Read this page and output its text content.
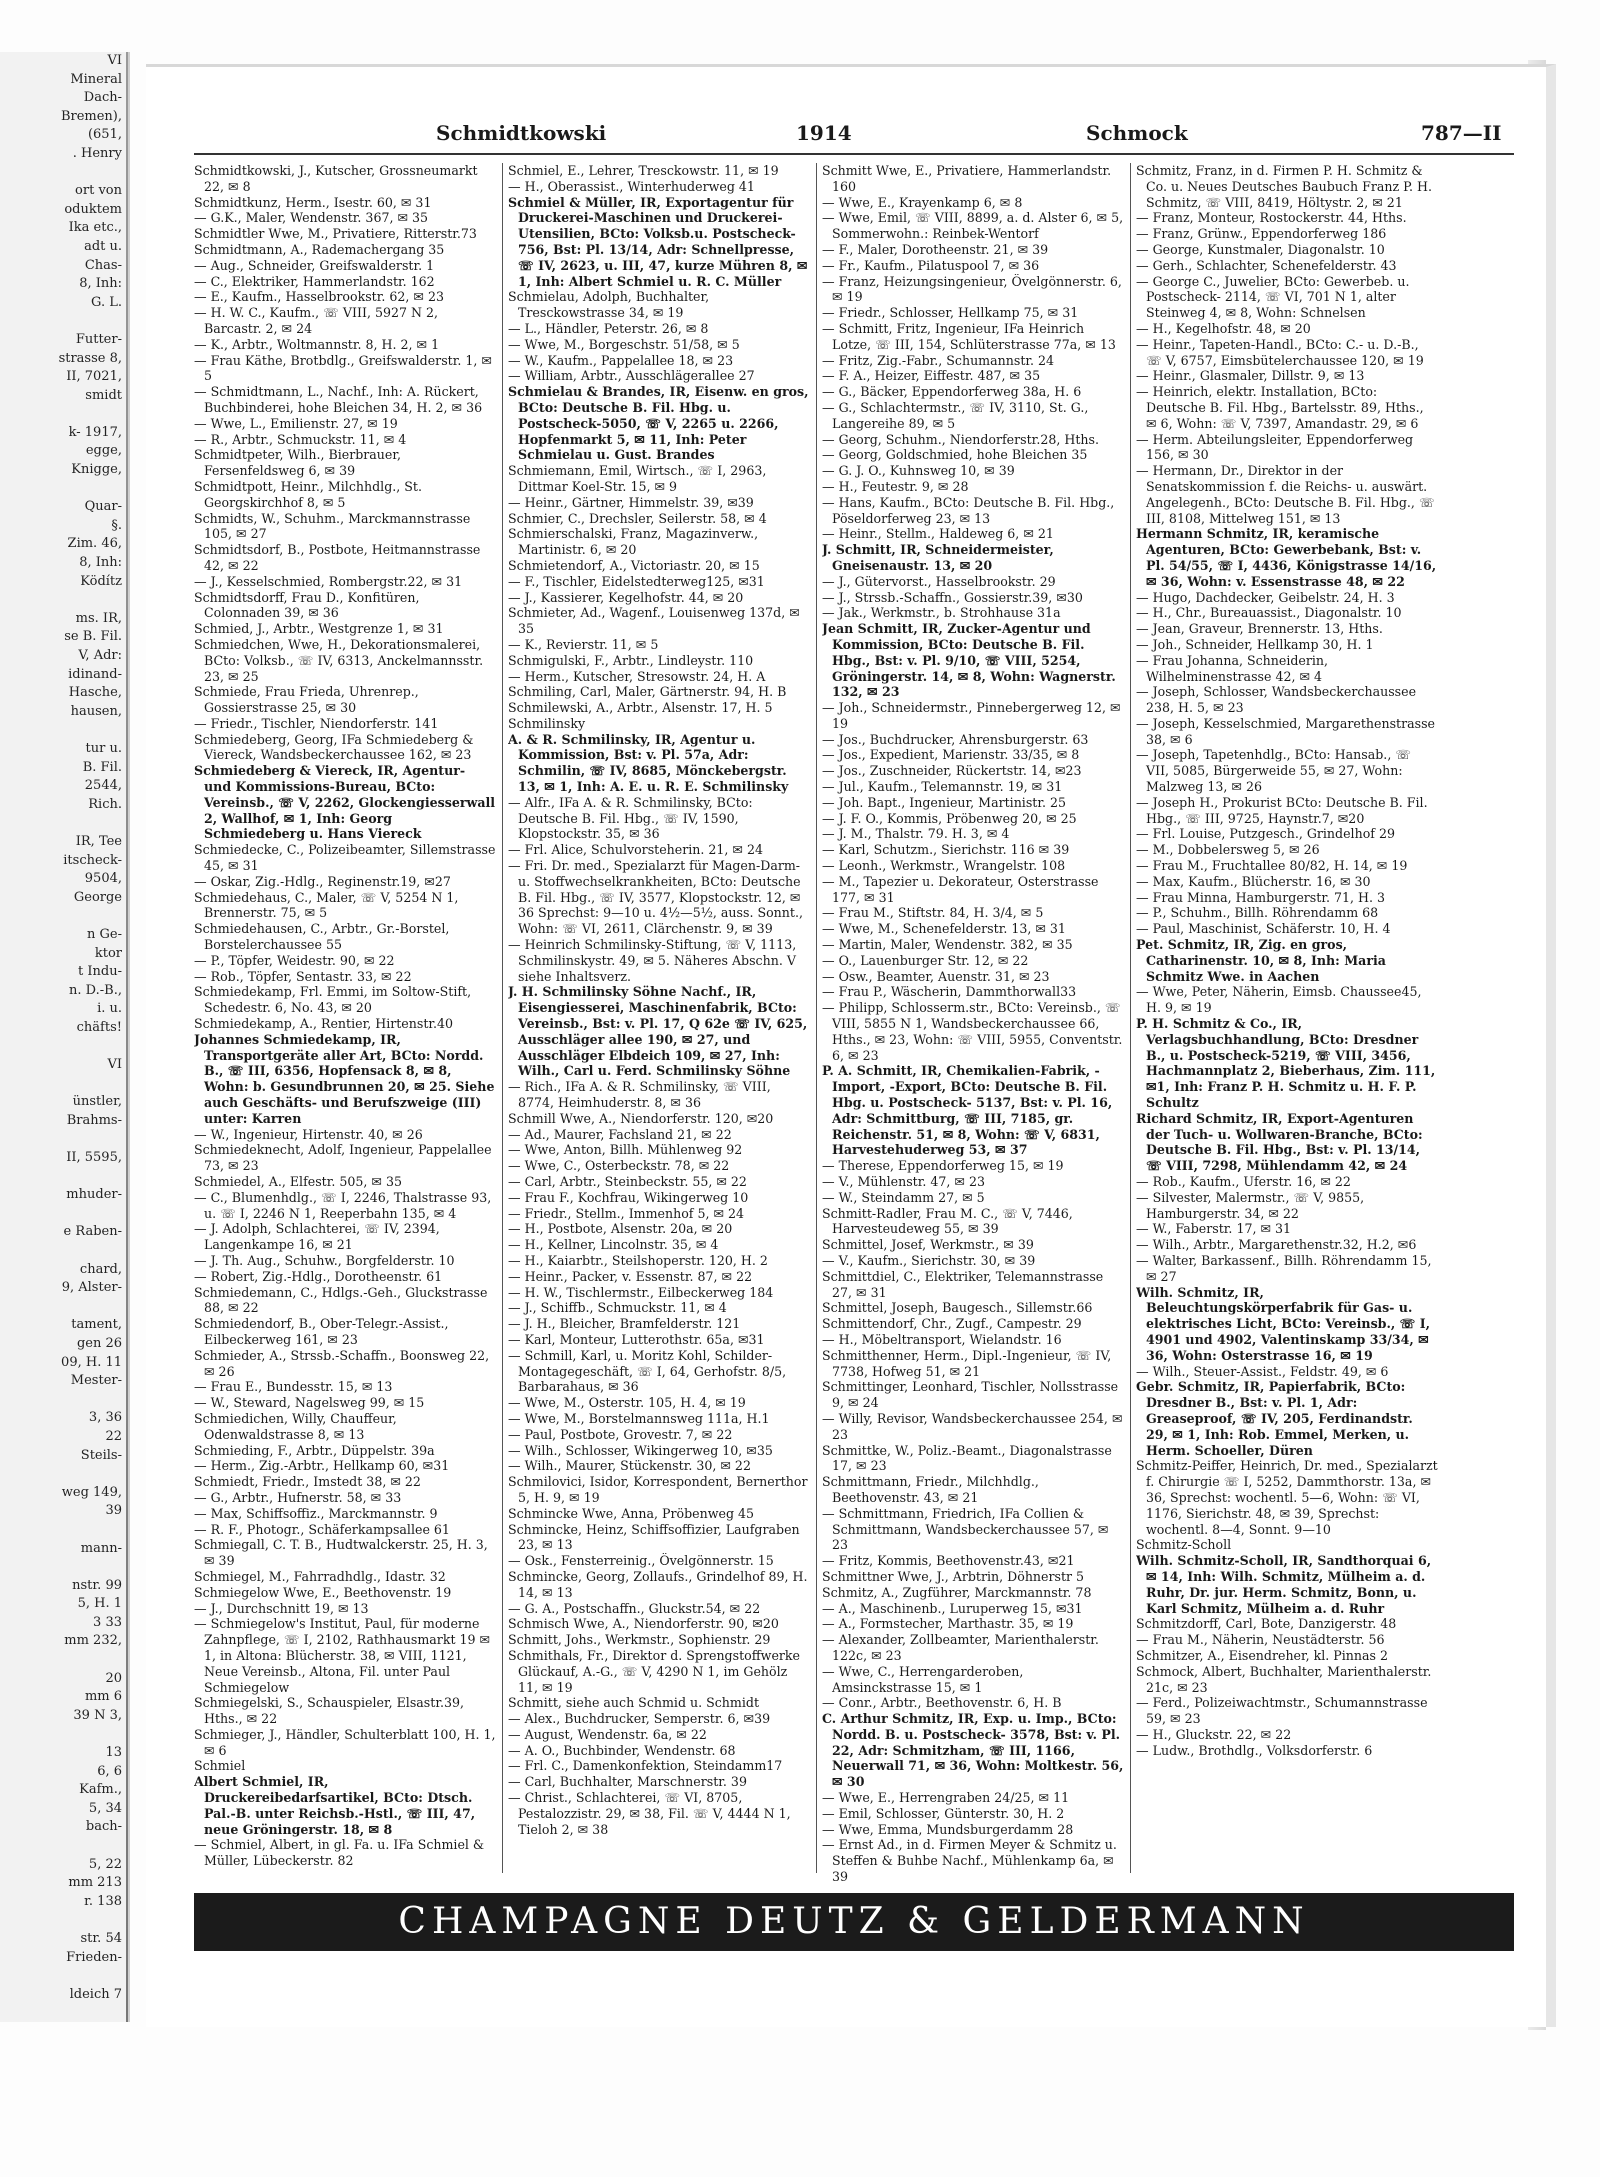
VI
Mineral
Dach-
Bremen),
(651,
. Henry

ort von
oduktem
Ika etc.,
adt u.
Chas-
8, Inh:
G. L.

Futter-
strasse 8,
II, 7021,
smidt

k- 1917,
egge,
Knigge,

Quar-
§.
Zim. 46,
8, Inh:
Ködítz

ms. IR,
se B. Fil.
V, Adr:
idinand-
Hasche,
hausen,

tur u.
B. Fil.
2544,
Rich.

IR, Tee
itscheck-
9504,
George

n Ge-
ktor
t Indu-
n. D.-B.,
i. u.
chäfts!

VI

ünstler,
Brahms-

II, 5595,

mhuder-

e Raben-

chard,
9, Alster-

tament,
gen 26
09, H. 11
Mester-

3, 36
22
Steils-

weg 149,
39

mann-

nstr. 99
5, H. 1
3 33
mm 232,

20
mm 6
39 N 3,

13
6, 6
Kafm.,
5, 34
bach-

5, 22
mm 213
r. 138

str. 54
Frieden-

ldeich 7
Schmidtkowski	1914	Schmock	787—II
Schmidtkowski, J., Kutscher, Grossneumarkt 22, ✉ 8
Schmidtkunz, Herm., Isestr. 60, ✉ 31
— G.K., Maler, Wendenstr. 367, ✉ 35
Schmidtler Wwe, M., Privatiere, Ritterstr.73
Schmidtmann, A., Rademachergang 35
— Aug., Schneider, Greifswalderstr. 1
— C., Elektriker, Hammerlandstr. 162
— E., Kaufm., Hasselbrookstr. 62, ✉ 23
— H. W. C., Kaufm., ☏ VIII, 5927 N 2, Barcastr. 2, ✉ 24
— K., Arbtr., Woltmannstr. 8, H. 2, ✉ 1
— Frau Käthe, Brotbdlg., Greifswalderstr. 1, ✉ 5
— Schmidtmann, L., Nachf., Inh: A. Rückert, Buchbinderei, hohe Bleichen 34, H. 2, ✉ 36
— Wwe, L., Emilienstr. 27, ✉ 19
— R., Arbtr., Schmuckstr. 11, ✉ 4
Schmidtpeter, Wilh., Bierbrauer, Fersenfeldsweg 6, ✉ 39
Schmidtpott, Heinr., Milchhdlg., St. Georgskirchhof 8, ✉ 5
Schmidts, W., Schuhm., Marckmannstrasse 105, ✉ 27
Schmidtsdorf, B., Postbote, Heitmannstrasse 42, ✉ 22
— J., Kesselschmied, Rombergstr.22, ✉ 31
Schmidtsdorff, Frau D., Konfitüren, Colonnaden 39, ✉ 36
Schmied, J., Arbtr., Westgrenze 1, ✉ 31
Schmiedchen, Wwe, H., Dekorationsmalerei, BCto: Volksb., ☏ IV, 6313, Anckelmannsstr. 23, ✉ 25
Schmiede, Frau Frieda, Uhrenrep., Gossierstrasse 25, ✉ 30
— Friedr., Tischler, Niendorferstr. 141
Schmiedeberg, Georg, IFa Schmiedeberg & Viereck, Wandsbeckerchaussee 162, ✉ 23
Schmiedeberg & Viereck, IR, Agentur- und Kommissions-Bureau, BCto: Vereinsb., ☏ V, 2262, Glockengiesserwall 2, Wallhof, ✉ 1, Inh: Georg Schmiedeberg u. Hans Viereck
Schmiedecke, C., Polizeibeamter, Sillemstrasse 45, ✉ 31
— Oskar, Zig.-Hdlg., Reginenstr.19, ✉27
Schmiedehaus, C., Maler, ☏ V, 5254 N 1, Brennerstr. 75, ✉ 5
Schmiedehausen, C., Arbtr., Gr.-Borstel, Borstelerchaussee 55
— P., Töpfer, Weidestr. 90, ✉ 22
— Rob., Töpfer, Sentastr. 33, ✉ 22
Schmiedekamp, Frl. Emmi, im Soltow-Stift, Schedestr. 6, No. 43, ✉ 20
Schmiedekamp, A., Rentier, Hirtenstr.40
Johannes Schmiedekamp, IR, Transportgeräte aller Art, BCto: Nordd. B., ☏ III, 6356, Hopfensack 8, ✉ 8, Wohn: b. Gesundbrunnen 20, ✉ 25. Siehe auch Geschäfts- und Berufszweige (III) unter: Karren
— W., Ingenieur, Hirtenstr. 40, ✉ 26
Schmiedeknecht, Adolf, Ingenieur, Pappelallee 73, ✉ 23
Schmiedel, A., Elfestr. 505, ✉ 35
— C., Blumenhdlg., ☏ I, 2246, Thalstrasse 93, u. ☏ I, 2246 N 1, Reeperbahn 135, ✉ 4
— J. Adolph, Schlachterei, ☏ IV, 2394, Langenkampe 16, ✉ 21
— J. Th. Aug., Schuhw., Borgfelderstr. 10
— Robert, Zig.-Hdlg., Dorotheenstr. 61
Schmiedemann, C., Hdlgs.-Geh., Gluckstrasse 88, ✉ 22
Schmiedendorf, B., Ober-Telegr.-Assist., Eilbeckerweg 161, ✉ 23
Schmieder, A., Strssb.-Schaffn., Boonsweg 22, ✉ 26
— Frau E., Bundesstr. 15, ✉ 13
— W., Steward, Nagelsweg 99, ✉ 15
Schmiedichen, Willy, Chauffeur, Odenwaldstrasse 8, ✉ 13
Schmieding, F., Arbtr., Düppelstr. 39a
— Herm., Zig.-Arbtr., Hellkamp 60, ✉31
Schmiedt, Friedr., Imstedt 38, ✉ 22
— G., Arbtr., Hufnerstr. 58, ✉ 33
— Max, Schiffsoffiz., Marckmannstr. 9
— R. F., Photogr., Schäferkampsallee 61
Schmiegall, C. T. B., Hudtwalckerstr. 25, H. 3, ✉ 39
Schmiegel, M., Fahrradhdlg., Idastr. 32
Schmiegelow Wwe, E., Beethovenstr. 19
— J., Durchschnitt 19, ✉ 13
— Schmiegelow's Institut, Paul, für moderne Zahnpflege, ☏ I, 2102, Rathhausmarkt 19 ✉ 1, in Altona: Blücherstr. 38, ✉ VIII, 1121, Neue Vereinsb., Altona, Fil. unter Paul Schmiegelow
Schmiegelski, S., Schauspieler, Elsastr.39, Hths., ✉ 22
Schmieger, J., Händler, Schulterblatt 100, H. 1, ✉ 6
Schmiel
Albert Schmiel, IR, Druckereibedarfsartikel, BCto: Dtsch. Pal.-B. unter Reichsb.-Hstl., ☏ III, 47, neue Gröningerstr. 18, ✉ 8
— Schmiel, Albert, in gl. Fa. u. IFa Schmiel & Müller, Lübeckerstr. 82
Schmiel, E., Lehrer, Tresckowstr. 11, ✉ 19
— H., Oberassist., Winterhuderweg 41
Schmiel & Müller, IR, Exportagentur für Druckerei-Maschinen und Druckerei-Utensilien, BCto: Volksb.u. Postscheck- 756, Bst: Pl. 13/14, Adr: Schnellpresse, ☏ IV, 2623, u. III, 47, kurze Mühren 8, ✉ 1, Inh: Albert Schmiel u. R. C. Müller
Schmielau, Adolph, Buchhalter, Tresckowstrasse 34, ✉ 19
— L., Händler, Peterstr. 26, ✉ 8
— Wwe, M., Borgeschstr. 51/58, ✉ 5
— W., Kaufm., Pappelallee 18, ✉ 23
— William, Arbtr., Ausschlägerallee 27
Schmielau & Brandes, IR, Eisenw. en gros, BCto: Deutsche B. Fil. Hbg. u. Postscheck-5050, ☏ V, 2265 u. 2266, Hopfenmarkt 5, ✉ 11, Inh: Peter Schmielau u. Gust. Brandes
Schmiemann, Emil, Wirtsch., ☏ I, 2963, Dittmar Koel-Str. 15, ✉ 9
— Heinr., Gärtner, Himmelstr. 39, ✉39
Schmier, C., Drechsler, Seilerstr. 58, ✉ 4
Schmierschalski, Franz, Magazinverw., Martinistr. 6, ✉ 20
Schmietendorf, A., Victoriastr. 20, ✉ 15
— F., Tischler, Eidelstedterweg125, ✉31
— J., Kassierer, Kegelhofstr. 44, ✉ 20
Schmieter, Ad., Wagenf., Louisenweg 137d, ✉ 35
— K., Revierstr. 11, ✉ 5
Schmigulski, F., Arbtr., Lindleystr. 110
— Herm., Kutscher, Stresowstr. 24, H. A
Schmiling, Carl, Maler, Gärtnerstr. 94, H. B
Schmilewski, A., Arbtr., Alsenstr. 17, H. 5
Schmilinsky
A. & R. Schmilinsky, IR, Agentur u. Kommission, Bst: v. Pl. 57a, Adr: Schmilin, ☏ IV, 8685, Mönckebergstr. 13, ✉ 1, Inh: A. E. u. R. E. Schmilinsky
— Alfr., IFa A. & R. Schmilinsky, BCto: Deutsche B. Fil. Hbg., ☏ IV, 1590, Klopstockstr. 35, ✉ 36
— Frl. Alice, Schulvorsteherin. 21, ✉ 24
— Fri. Dr. med., Spezialarzt für Magen-Darm- u. Stoffwechselkrankheiten, BCto: Deutsche B. Fil. Hbg., ☏ IV, 3577, Klopstockstr. 12, ✉ 36 Sprechst: 9—10 u. 4½—5½, auss. Sonnt., Wohn: ☏ VI, 2611, Clärchenstr. 9, ✉ 39
— Heinrich Schmilinsky-Stiftung, ☏ V, 1113, Schmilinskystr. 49, ✉ 5. Näheres Abschn. V siehe Inhaltsverz.
J. H. Schmilinsky Söhne Nachf., IR, Eisengiesserei, Maschinenfabrik, BCto: Vereinsb., Bst: v. Pl. 17, Q 62e ☏ IV, 625, Ausschläger allee 190, ✉ 27, und Ausschläger Elbdeich 109, ✉ 27, Inh: Wilh., Carl u. Ferd. Schmilinsky Söhne
— Rich., IFa A. & R. Schmilinsky, ☏ VIII, 8774, Heimhuderstr. 8, ✉ 36
Schmill Wwe, A., Niendorferstr. 120, ✉20
— Ad., Maurer, Fachsland 21, ✉ 22
— Wwe, Anton, Billh. Mühlenweg 92
— Wwe, C., Osterbeckstr. 78, ✉ 22
— Carl, Arbtr., Steinbeckstr. 55, ✉ 22
— Frau F., Kochfrau, Wikingerweg 10
— Friedr., Stellm., Immenhof 5, ✉ 24
— H., Postbote, Alsenstr. 20a, ✉ 20
— H., Kellner, Lincolnstr. 35, ✉ 4
— H., Kaiarbtr., Steilshoperstr. 120, H. 2
— Heinr., Packer, v. Essenstr. 87, ✉ 22
— H. W., Tischlermstr., Eilbeckerweg 184
— J., Schiffb., Schmuckstr. 11, ✉ 4
— J. H., Bleicher, Bramfelderstr. 121
— Karl, Monteur, Lutterothstr. 65a, ✉31
— Schmill, Karl, u. Moritz Kohl, Schilder-Montagegeschäft, ☏ I, 64, Gerhofstr. 8/5, Barbarahaus, ✉ 36
— Wwe, M., Osterstr. 105, H. 4, ✉ 19
— Wwe, M., Borstelmannsweg 111a, H.1
— Paul, Postbote, Grovestr. 7, ✉ 22
— Wilh., Schlosser, Wikingerweg 10, ✉35
— Wilh., Maurer, Stückenstr. 30, ✉ 22
Schmilovici, Isidor, Korrespondent, Bernerthor 5, H. 9, ✉ 19
Schmincke Wwe, Anna, Pröbenweg 45
Schmincke, Heinz, Schiffsoffizier, Laufgraben 23, ✉ 13
— Osk., Fensterreinig., Övelgönnerstr. 15
Schmincke, Georg, Zollaufs., Grindelhof 89, H. 14, ✉ 13
— G. A., Postschaffn., Gluckstr.54, ✉ 22
Schmisch Wwe, A., Niendorferstr. 90, ✉20
Schmitt, Johs., Werkmstr., Sophienstr. 29
Schmithals, Fr., Direktor d. Sprengstoffwerke Glückauf, A.-G., ☏ V, 4290 N 1, im Gehölz 11, ✉ 19
Schmitt, siehe auch Schmid u. Schmidt
— Alex., Buchdrucker, Semperstr. 6, ✉39
— August, Wendenstr. 6a, ✉ 22
— A. O., Buchbinder, Wendenstr. 68
— Frl. C., Damenkonfektion, Steindamm17
— Carl, Buchhalter, Marschnerstr. 39
— Christ., Schlachterei, ☏ VI, 8705, Pestalozzistr. 29, ✉ 38, Fil. ☏ V, 4444 N 1, Tieloh 2, ✉ 38
Schmitt Wwe, E., Privatiere, Hammerlandstr. 160
— Wwe, E., Krayenkamp 6, ✉ 8
— Wwe, Emil, ☏ VIII, 8899, a. d. Alster 6, ✉ 5, Sommerwohn.: Reinbek-Wentorf
— F., Maler, Dorotheenstr. 21, ✉ 39
— Fr., Kaufm., Pilatuspool 7, ✉ 36
— Franz, Heizungsingenieur, Övelgönnerstr. 6, ✉ 19
— Friedr., Schlosser, Hellkamp 75, ✉ 31
— Schmitt, Fritz, Ingenieur, IFa Heinrich Lotze, ☏ III, 154, Schlüterstrasse 77a, ✉ 13
— Fritz, Zig.-Fabr., Schumannstr. 24
— F. A., Heizer, Eiffestr. 487, ✉ 35
— G., Bäcker, Eppendorferweg 38a, H. 6
— G., Schlachtermstr., ☏ IV, 3110, St. G., Langereihe 89, ✉ 5
— Georg, Schuhm., Niendorferstr.28, Hths.
— Georg, Goldschmied, hohe Bleichen 35
— G. J. O., Kuhnsweg 10, ✉ 39
— H., Feutestr. 9, ✉ 28
— Hans, Kaufm., BCto: Deutsche B. Fil. Hbg., Pöseldorferweg 23, ✉ 13
— Heinr., Stellm., Haldeweg 6, ✉ 21
J. Schmitt, IR, Schneidermeister, Gneisenaustr. 13, ✉ 20
— J., Gütervorst., Hasselbrookstr. 29
— J., Strssb.-Schaffn., Gossierstr.39, ✉30
— Jak., Werkmstr., b. Strohhause 31a
Jean Schmitt, IR, Zucker-Agentur und Kommission, BCto: Deutsche B. Fil. Hbg., Bst: v. Pl. 9/10, ☏ VIII, 5254, Gröningerstr. 14, ✉ 8, Wohn: Wagnerstr. 132, ✉ 23
— Joh., Schneidermstr., Pinnebergerweg 12, ✉ 19
— Jos., Buchdrucker, Ahrensburgerstr. 63
— Jos., Expedient, Marienstr. 33/35, ✉ 8
— Jos., Zuschneider, Rückertstr. 14, ✉23
— Jul., Kaufm., Telemannstr. 19, ✉ 31
— Joh. Bapt., Ingenieur, Martinistr. 25
— J. F. O., Kommis, Pröbenweg 20, ✉ 25
— J. M., Thalstr. 79. H. 3, ✉ 4
— Karl, Schutzm., Sierichstr. 116 ✉ 39
— Leonh., Werkmstr., Wrangelstr. 108
— M., Tapezier u. Dekorateur, Osterstrasse 177, ✉ 31
— Frau M., Stiftstr. 84, H. 3/4, ✉ 5
— Wwe, M., Schenefelderstr. 13, ✉ 31
— Martin, Maler, Wendenstr. 382, ✉ 35
— O., Lauenburger Str. 12, ✉ 22
— Osw., Beamter, Auenstr. 31, ✉ 23
— Frau P., Wäscherin, Dammthorwall33
— Philipp, Schlosserm.str., BCto: Vereinsb., ☏ VIII, 5855 N 1, Wandsbeckerchaussee 66, Hths., ✉ 23, Wohn: ☏ VIII, 5955, Conventstr. 6, ✉ 23
P. A. Schmitt, IR, Chemikalien-Fabrik, -Import, -Export, BCto: Deutsche B. Fil. Hbg. u. Postscheck- 5137, Bst: v. Pl. 16, Adr: Schmittburg, ☏ III, 7185, gr. Reichenstr. 51, ✉ 8, Wohn: ☏ V, 6831, Harvestehuderweg 53, ✉ 37
— Therese, Eppendorferweg 15, ✉ 19
— V., Mühlenstr. 47, ✉ 23
— W., Steindamm 27, ✉ 5
Schmitt-Radler, Frau M. C., ☏ V, 7446, Harvesteudeweg 55, ✉ 39
Schmittel, Josef, Werkmstr., ✉ 39
— V., Kaufm., Sierichstr. 30, ✉ 39
Schmittdiel, C., Elektriker, Telemannstrasse 27, ✉ 31
Schmittel, Joseph, Baugesch., Sillemstr.66
Schmittendorf, Chr., Zugf., Campestr. 29
— H., Möbeltransport, Wielandstr. 16
Schmitthenner, Herm., Dipl.-Ingenieur, ☏ IV, 7738, Hofweg 51, ✉ 21
Schmittinger, Leonhard, Tischler, Nollsstrasse 9, ✉ 24
— Willy, Revisor, Wandsbeckerchaussee 254, ✉ 23
Schmittke, W., Poliz.-Beamt., Diagonalstrasse 17, ✉ 23
Schmittmann, Friedr., Milchhdlg., Beethovenstr. 43, ✉ 21
— Schmittmann, Friedrich, IFa Collien & Schmittmann, Wandsbeckerchaussee 57, ✉ 23
— Fritz, Kommis, Beethovenstr.43, ✉21
Schmittner Wwe, J., Arbtrin, Döhnerstr 5
Schmitz, A., Zugführer, Marckmannstr. 78
— A., Maschinenb., Luruperweg 15, ✉31
— A., Formstecher, Marthastr. 35, ✉ 19
— Alexander, Zollbeamter, Marienthalerstr. 122c, ✉ 23
— Wwe, C., Herrengarderoben, Amsinckstrasse 15, ✉ 1
— Conr., Arbtr., Beethovenstr. 6, H. B
C. Arthur Schmitz, IR, Exp. u. Imp., BCto: Nordd. B. u. Postscheck- 3578, Bst: v. Pl. 22, Adr: Schmitzham, ☏ III, 1166, Neuerwall 71, ✉ 36, Wohn: Moltkestr. 56, ✉ 30
— Wwe, E., Herrengraben 24/25, ✉ 11
— Emil, Schlosser, Günterstr. 30, H. 2
— Wwe, Emma, Mundsburgerdamm 28
— Ernst Ad., in d. Firmen Meyer & Schmitz u. Steffen & Buhbe Nachf., Mühlenkamp 6a, ✉ 39
Schmitz, Franz, in d. Firmen P. H. Schmitz & Co. u. Neues Deutsches Baubuch Franz P. H. Schmitz, ☏ VIII, 8419, Höltystr. 2, ✉ 21
— Franz, Monteur, Rostockerstr. 44, Hths.
— Franz, Grünw., Eppendorferweg 186
— George, Kunstmaler, Diagonalstr. 10
— Gerh., Schlachter, Schenefelderstr. 43
— George C., Juwelier, BCto: Gewerbeb. u. Postscheck- 2114, ☏ VI, 701 N 1, alter Steinweg 4, ✉ 8, Wohn: Schnelsen
— H., Kegelhofstr. 48, ✉ 20
— Heinr., Tapeten-Handl., BCto: C.- u. D.-B., ☏ V, 6757, Eimsbütelerchaussee 120, ✉ 19
— Heinr., Glasmaler, Dillstr. 9, ✉ 13
— Heinrich, elektr. Installation, BCto: Deutsche B. Fil. Hbg., Bartelsstr. 89, Hths., ✉ 6, Wohn: ☏ V, 7397, Amandastr. 29, ✉ 6
— Herm. Abteilungsleiter, Eppendorferweg 156, ✉ 30
— Hermann, Dr., Direktor in der Senatskommission f. die Reichs- u. auswärt. Angelegenh., BCto: Deutsche B. Fil. Hbg., ☏ III, 8108, Mittelweg 151, ✉ 13
Hermann Schmitz, IR, keramische Agenturen, BCto: Gewerbebank, Bst: v. Pl. 54/55, ☏ I, 4436, Königstrasse 14/16, ✉ 36, Wohn: v. Essenstrasse 48, ✉ 22
— Hugo, Dachdecker, Geibelstr. 24, H. 3
— H., Chr., Bureauassist., Diagonalstr. 10
— Jean, Graveur, Brennerstr. 13, Hths.
— Joh., Schneider, Hellkamp 30, H. 1
— Frau Johanna, Schneiderin, Wilhelminenstrasse 42, ✉ 4
— Joseph, Schlosser, Wandsbeckerchaussee 238, H. 5, ✉ 23
— Joseph, Kesselschmied, Margarethenstrasse 38, ✉ 6
— Joseph, Tapetenhdlg., BCto: Hansab., ☏ VII, 5085, Bürgerweide 55, ✉ 27, Wohn: Malzweg 13, ✉ 26
— Joseph H., Prokurist BCto: Deutsche B. Fil. Hbg., ☏ III, 9725, Haynstr.7, ✉20
— Frl. Louise, Putzgesch., Grindelhof 29
— M., Dobbelersweg 5, ✉ 26
— Frau M., Fruchtallee 80/82, H. 14, ✉ 19
— Max, Kaufm., Blücherstr. 16, ✉ 30
— Frau Minna, Hamburgerstr. 71, H. 3
— P., Schuhm., Billh. Röhrendamm 68
— Paul, Maschinist, Schäferstr. 10, H. 4
Pet. Schmitz, IR, Zig. en gros, Catharinenstr. 10, ✉ 8, Inh: Maria Schmitz Wwe. in Aachen
— Wwe, Peter, Näherin, Eimsb. Chaussee45, H. 9, ✉ 19
P. H. Schmitz & Co., IR, Verlagsbuchhandlung, BCto: Dresdner B., u. Postscheck-5219, ☏ VIII, 3456, Hachmannplatz 2, Bieberhaus, Zim. 111, ✉1, Inh: Franz P. H. Schmitz u. H. F. P. Schultz
Richard Schmitz, IR, Export-Agenturen der Tuch- u. Wollwaren-Branche, BCto: Deutsche B. Fil. Hbg., Bst: v. Pl. 13/14, ☏ VIII, 7298, Mühlendamm 42, ✉ 24
— Rob., Kaufm., Uferstr. 16, ✉ 22
— Silvester, Malermstr., ☏ V, 9855, Hamburgerstr. 34, ✉ 22
— W., Faberstr. 17, ✉ 31
— Wilh., Arbtr., Margarethenstr.32, H.2, ✉6
— Walter, Barkassenf., Billh. Röhrendamm 15, ✉ 27
Wilh. Schmitz, IR, Beleuchtungskörperfabrik für Gas- u. elektrisches Licht, BCto: Vereinsb., ☏ I, 4901 und 4902, Valentinskamp 33/34, ✉ 36, Wohn: Osterstrasse 16, ✉ 19
— Wilh., Steuer-Assist., Feldstr. 49, ✉ 6
Gebr. Schmitz, IR, Papierfabrik, BCto: Dresdner B., Bst: v. Pl. 1, Adr: Greaseproof, ☏ IV, 205, Ferdinandstr. 29, ✉ 1, Inh: Rob. Emmel, Merken, u. Herm. Schoeller, Düren
Schmitz-Peiffer, Heinrich, Dr. med., Spezialarzt f. Chirurgie ☏ I, 5252, Dammthorstr. 13a, ✉ 36, Sprechst: wochentl. 5—6, Wohn: ☏ VI, 1176, Sierichstr. 48, ✉ 39, Sprechst: wochentl. 8—4, Sonnt. 9—10
Schmitz-Scholl
Wilh. Schmitz-Scholl, IR, Sandthorquai 6, ✉ 14, Inh: Wilh. Schmitz, Mülheim a. d. Ruhr, Dr. jur. Herm. Schmitz, Bonn, u. Karl Schmitz, Mülheim a. d. Ruhr
Schmitzdorff, Carl, Bote, Danzigerstr. 48
— Frau M., Näherin, Neustädterstr. 56
Schmitzer, A., Eisendreher, kl. Pinnas 2
Schmock, Albert, Buchhalter, Marienthalerstr. 21c, ✉ 23
— Ferd., Polizeiwachtmstr., Schumannstrasse 59, ✉ 23
— H., Gluckstr. 22, ✉ 22
— Ludw., Brothdlg., Volksdorferstr. 6
CHAMPAGNE DEUTZ & GELDERMANN
